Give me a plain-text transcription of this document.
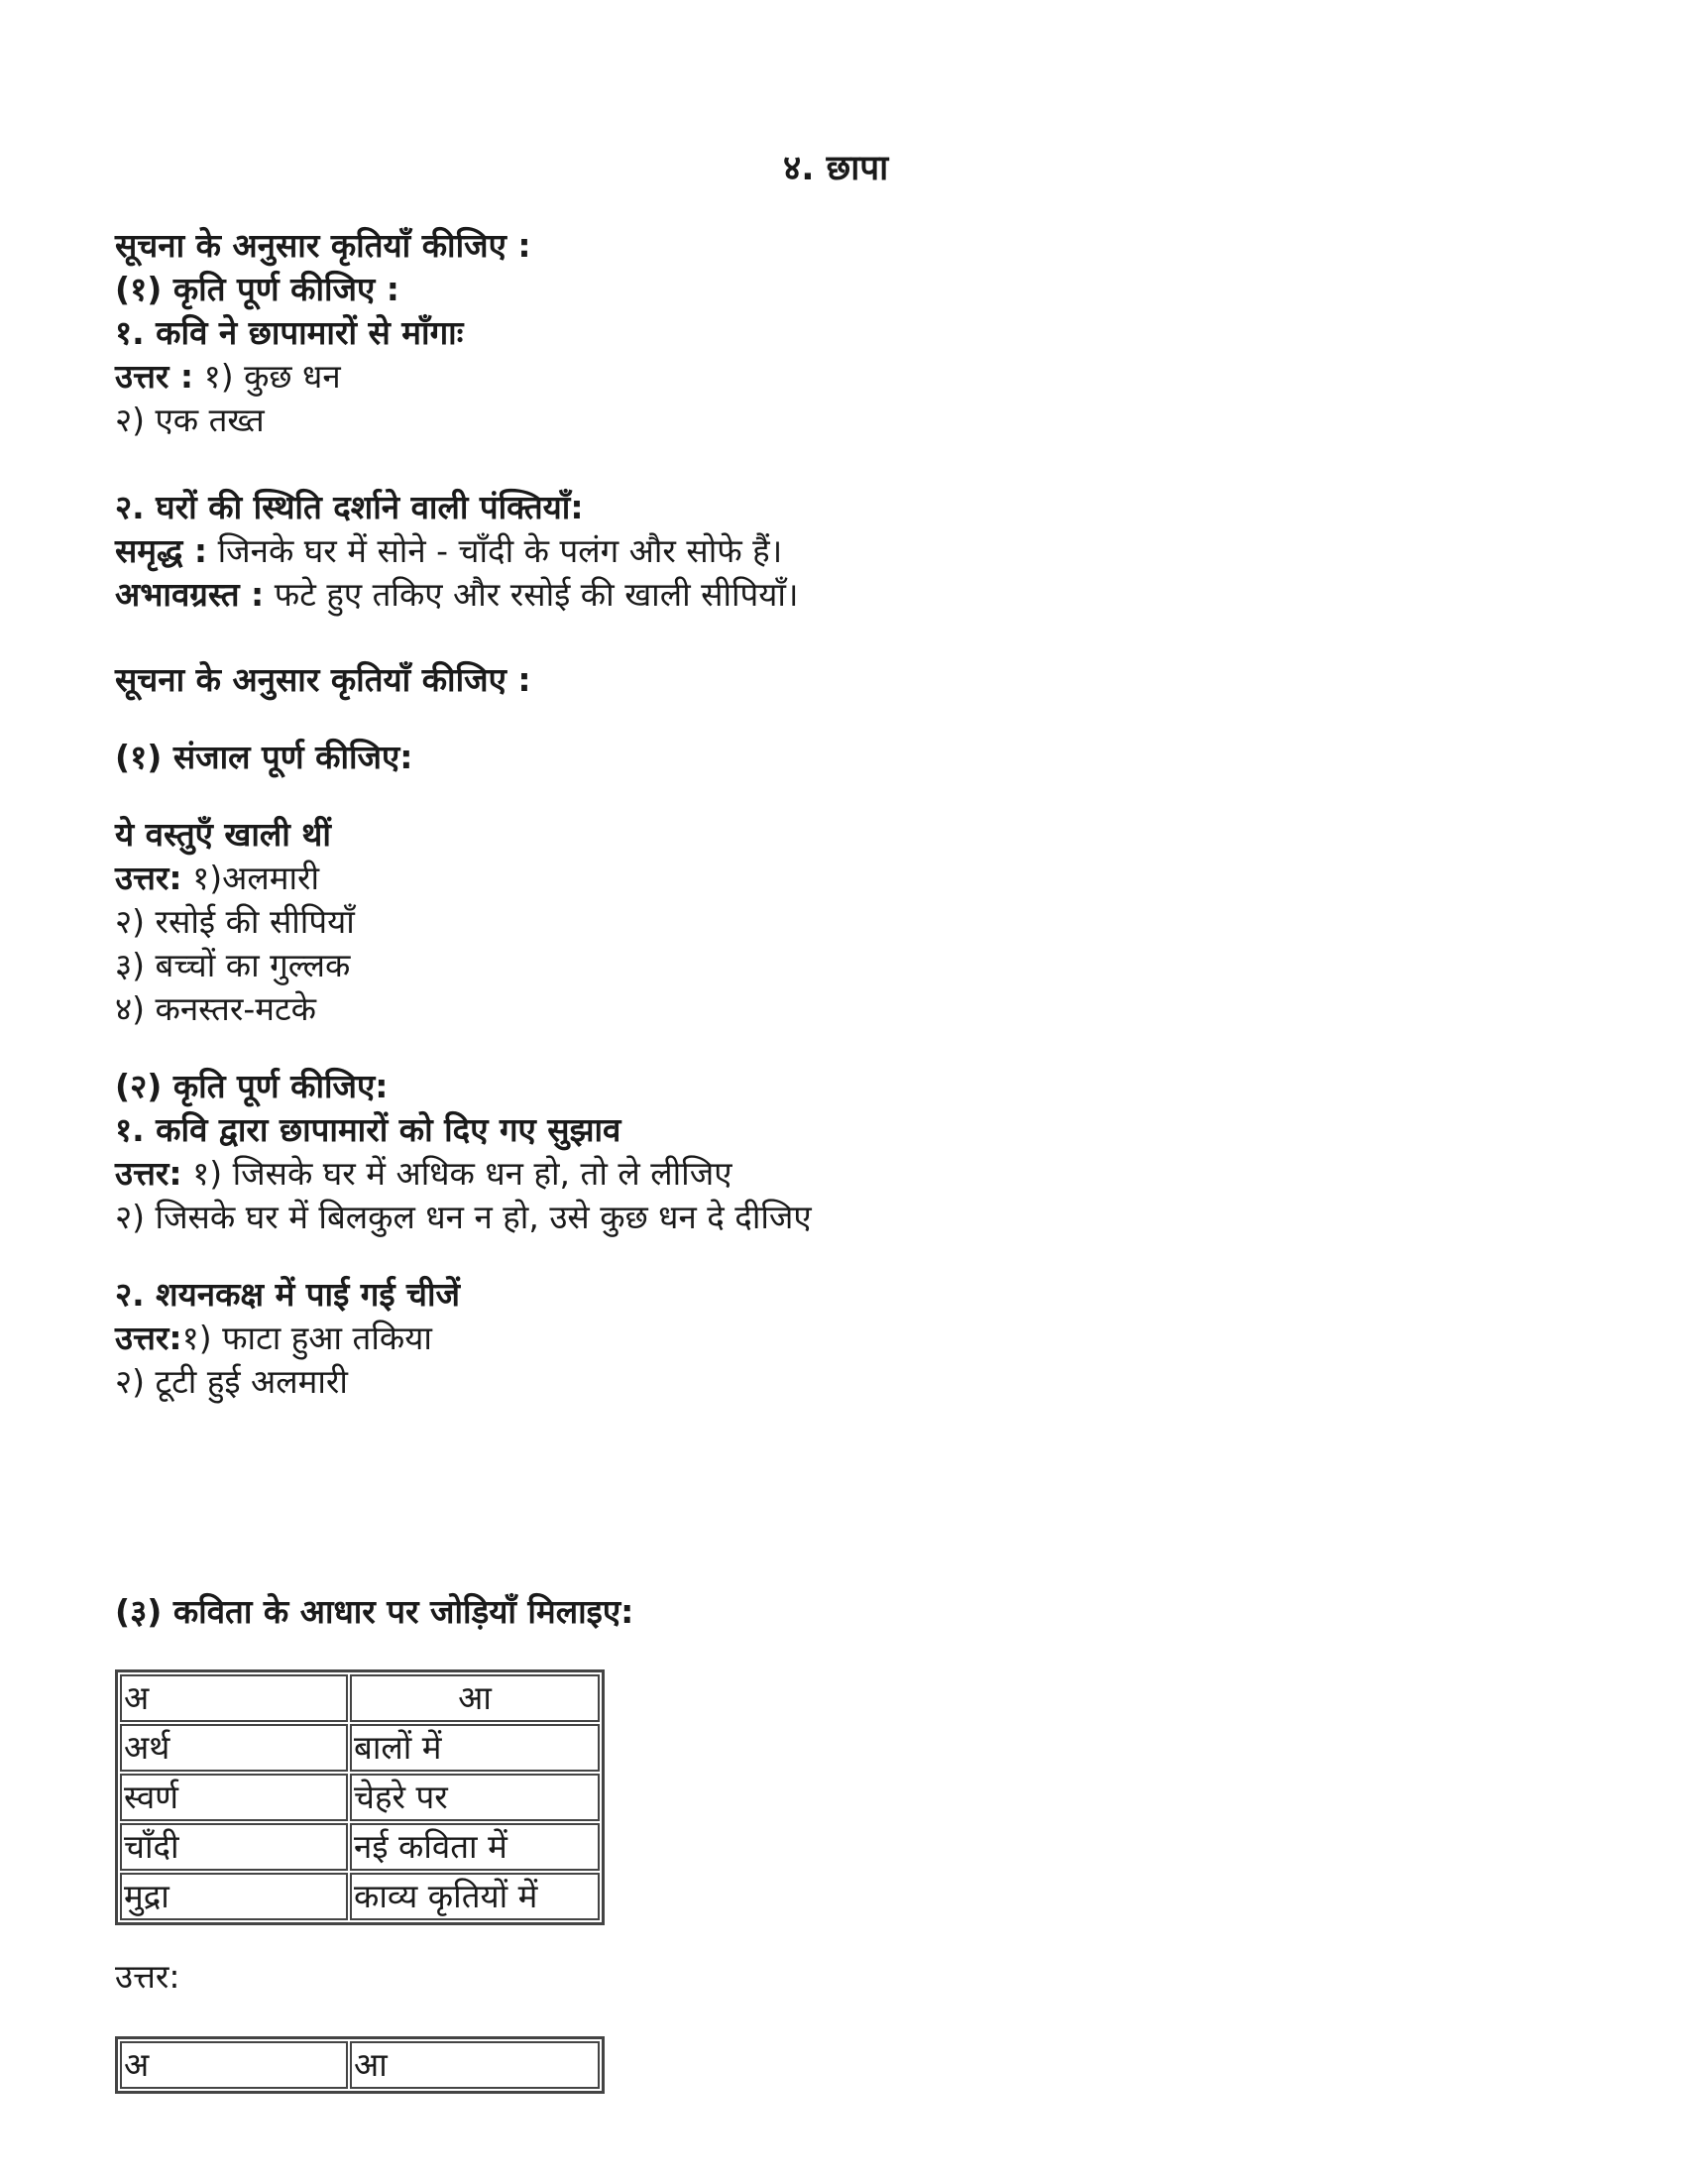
४. छापा
सूचना के अनुसार कृतियाँ कीजिए :
(१) कृति पूर्ण कीजिए :
१. कवि ने छापामारों से माँगाः
उत्तर : १) कुछ धन
२) एक तख्त
२. घरों की स्थिति दर्शाने वाली पंक्तियाँ:
समृद्ध : जिनके घर में सोने - चाँदी के पलंग और सोफे हैं।
अभावग्रस्त : फटे हुए तकिए और रसोई की खाली सीपियाँ।
सूचना के अनुसार कृतियाँ कीजिए :
(१) संजाल पूर्ण कीजिए:
ये वस्तुएँ खाली थीं
उत्तर: १)अलमारी
२) रसोई की सीपियाँ
३) बच्चों का गुल्लक
४) कनस्तर-मटके
(२) कृति पूर्ण कीजिए:
१. कवि द्वारा छापामारों को दिए गए सुझाव
उत्तर: १) जिसके घर में अधिक धन हो, तो ले लीजिए
२) जिसके घर में बिलकुल धन न हो, उसे कुछ धन दे दीजिए
२. शयनकक्ष में पाई गई चीजें
उत्तर:१) फाटा हुआ तकिया
२) टूटी हुई अलमारी
(३) कविता के आधार पर जोड़ियाँ मिलाइए:
अ	आ
अर्थ	बालों में
स्वर्ण	चेहरे पर
चाँदी	नई कविता में
मुद्रा	काव्य कृतियों में
उत्तर:
अ	आ
